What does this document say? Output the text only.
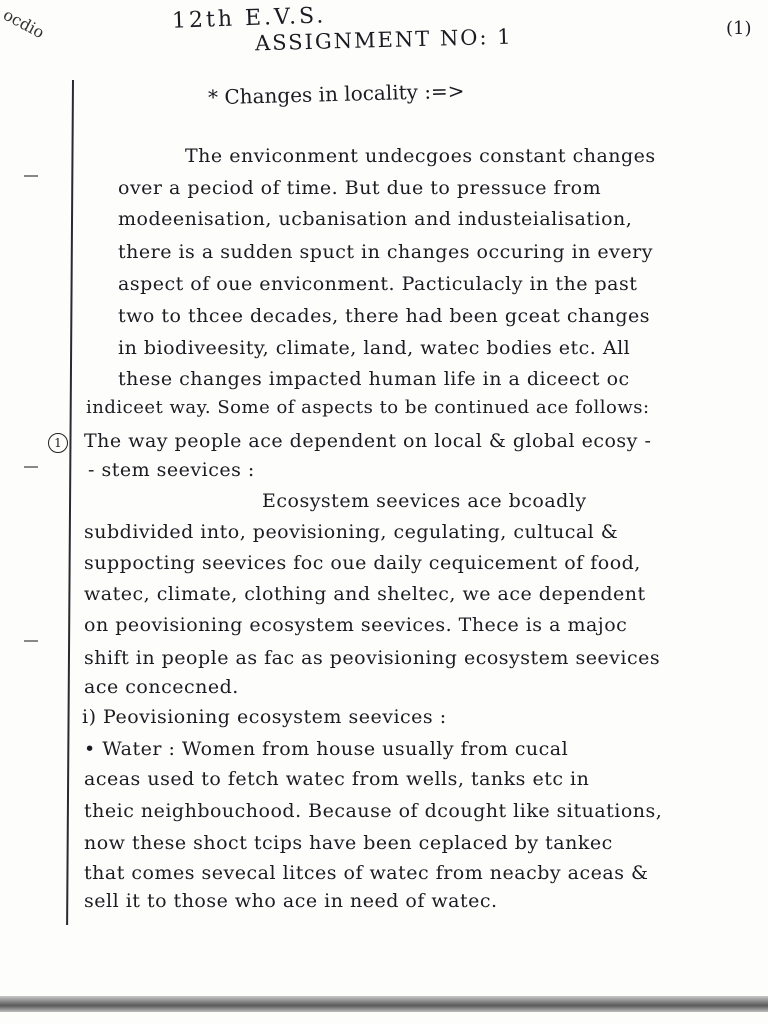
ocdio	12th E.V.S.
ASSIGNMENT NO: 1	(1)
* Changes in locality :=>
1
The enviconment undecgoes constant changes
over a peciod of time. But due to pressuce from
modeenisation, ucbanisation and industeialisation,
there is a sudden spuct in changes occuring in every
aspect of oue enviconment. Pacticulacly in the past
two to thcee decades, there had been gceat changes
in biodiveesity, climate, land, watec bodies etc. All
these changes impacted human life in a diceect oc
indiceet way. Some of aspects to be continued ace follows:
The way people ace dependent on local & global ecosy -
- stem seevices :
Ecosystem seevices ace bcoadly
subdivided into, peovisioning, cegulating, cultucal &
suppocting seevices foc oue daily cequicement of food,
watec, climate, clothing and sheltec, we ace dependent
on peovisioning ecosystem seevices. Thece is a majoc
shift in people as fac as peovisioning ecosystem seevices
ace concecned.
i) Peovisioning ecosystem seevices :
• Water : Women from house usually from cucal
aceas used to fetch watec from wells, tanks etc in
theic neighbouchood. Because of dcought like situations,
now these shoct tcips have been ceplaced by tankec
that comes sevecal litces of watec from neacby aceas &
sell it to those who ace in need of watec.
